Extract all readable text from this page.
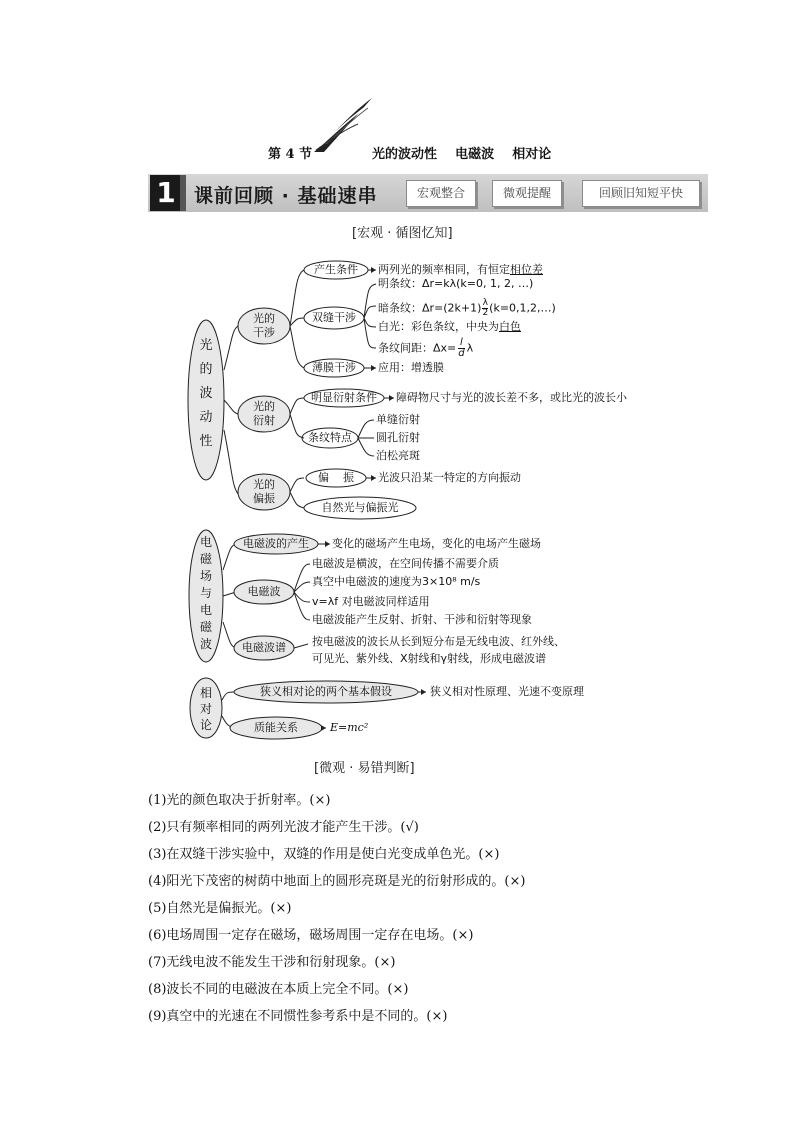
第 4 节	光的波动性    电磁波    相对论
1 课前回顾 · 基础速串	宏观整合	微观提醒	回顾旧知短平快
[宏观 · 循图忆知]
光
的
波
动
性
光的
干涉
产生条件	两列光的频率相同，有恒定相位差
双缝干涉
明条纹：Δr=kλ(k=0, 1, 2, …)
暗条纹：$\Delta r=(2k+1) \frac{\lambda}{2}$ (k=0,1,2,…)
白光：彩色条纹，中央为白色
条纹间距：$\Delta x= \frac{l}{d}$ λ
薄膜干涉	应用：增透膜
光的
衍射
明显衍射条件	障碍物尺寸与光的波长差不多，或比光的波长小
条纹特点
单缝衍射
圆孔衍射
泊松亮斑
光的
偏振
偏    振	光波只沿某一特定的方向振动
自然光与偏振光
电
磁
场
与
电
磁
波
电磁波的产生	变化的磁场产生电场，变化的电场产生磁场
电磁波
电磁波是横波，在空间传播不需要介质
真空中电磁波的速度为3×10⁸ m/s
v=λf 对电磁波同样适用
电磁波能产生反射、折射、干涉和衍射等现象
电磁波谱	按电磁波的波长从长到短分布是无线电波、红外线、
可见光、紫外线、X射线和γ射线，形成电磁波谱
相
对
论
狭义相对论的两个基本假设	狭义相对性原理、光速不变原理
质能关系	E=mc²
[微观 · 易错判断]
(1)光的颜色取决于折射率。(×)
(2)只有频率相同的两列光波才能产生干涉。(√)
(3)在双缝干涉实验中，双缝的作用是使白光变成单色光。(×)
(4)阳光下茂密的树荫中地面上的圆形亮斑是光的衍射形成的。(×)
(5)自然光是偏振光。(×)
(6)电场周围一定存在磁场，磁场周围一定存在电场。(×)
(7)无线电波不能发生干涉和衍射现象。(×)
(8)波长不同的电磁波在本质上完全不同。(×)
(9)真空中的光速在不同惯性参考系中是不同的。(×)
